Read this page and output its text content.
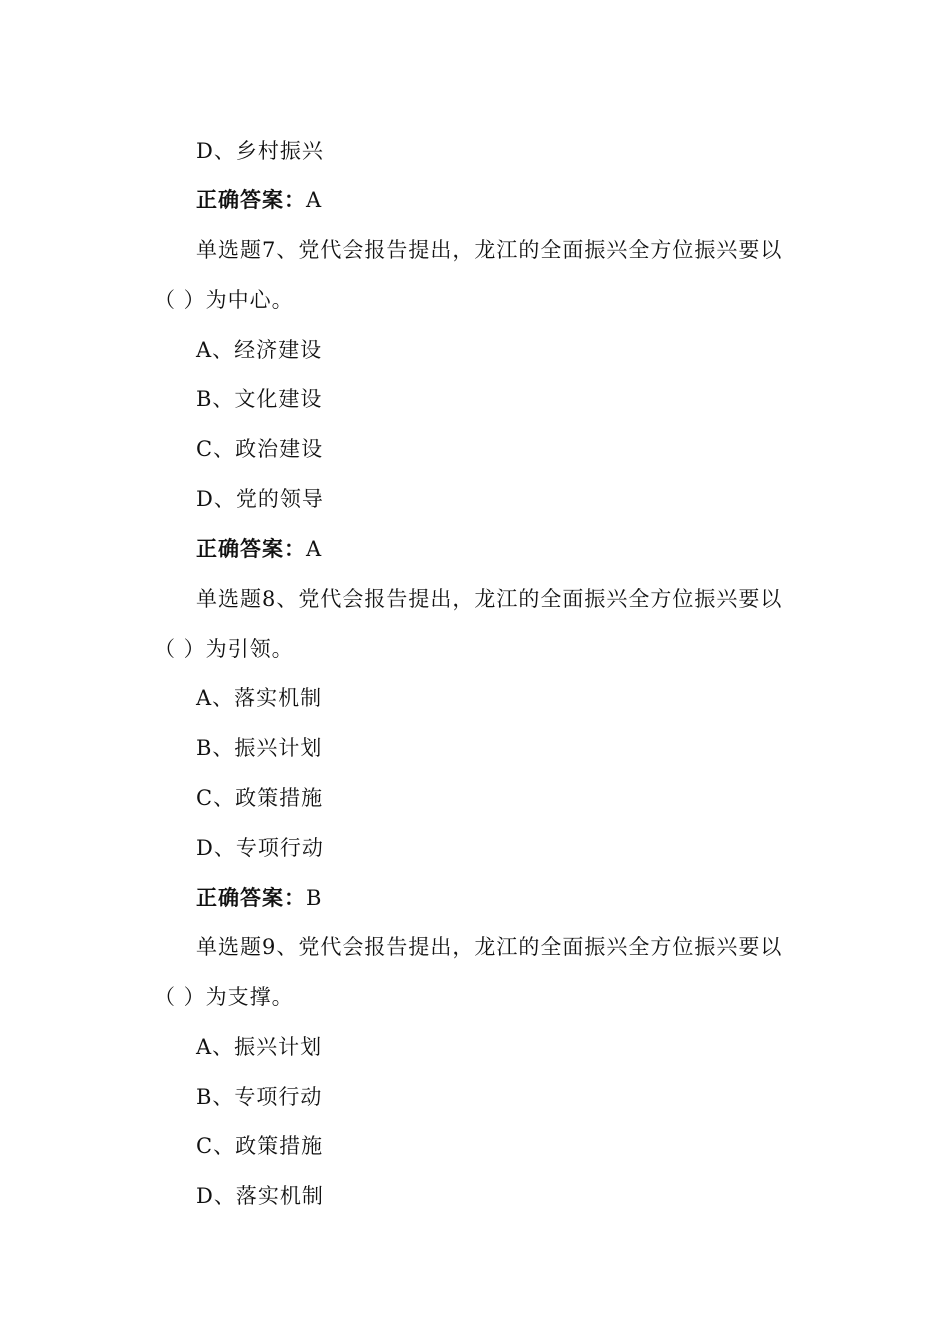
D、乡村振兴
正确答案：A
单选题7、党代会报告提出，龙江的全面振兴全方位振兴要以
（ ）为中心。
A、经济建设
B、文化建设
C、政治建设
D、党的领导
正确答案：A
单选题8、党代会报告提出，龙江的全面振兴全方位振兴要以
（ ）为引领。
A、落实机制
B、振兴计划
C、政策措施
D、专项行动
正确答案：B
单选题9、党代会报告提出，龙江的全面振兴全方位振兴要以
（ ）为支撑。
A、振兴计划
B、专项行动
C、政策措施
D、落实机制
